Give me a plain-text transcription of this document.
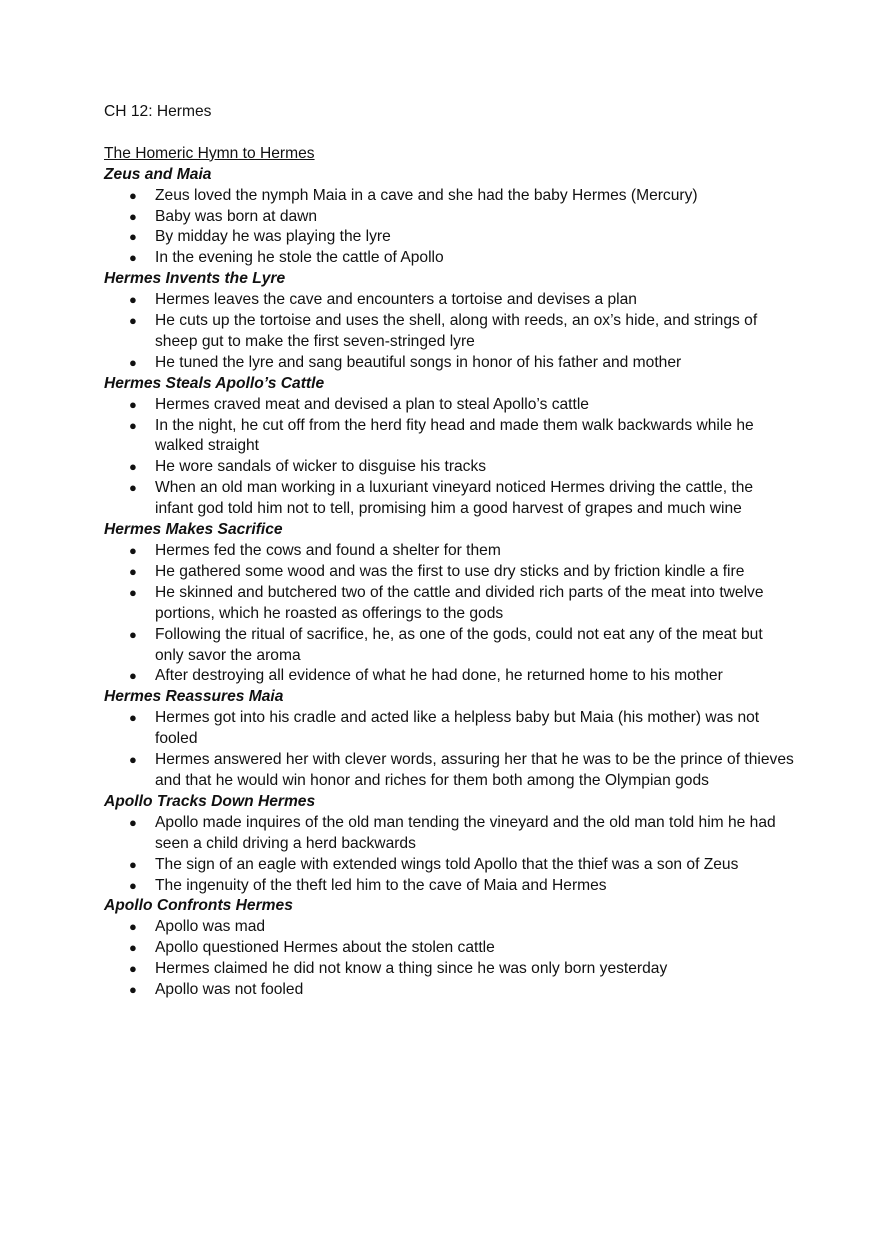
CH 12: Hermes
The Homeric Hymn to Hermes
Zeus and Maia
● Zeus loved the nymph Maia in a cave and she had the baby Hermes (Mercury)
● Baby was born at dawn
● By midday he was playing the lyre
● In the evening he stole the cattle of Apollo
Hermes Invents the Lyre
● Hermes leaves the cave and encounters a tortoise and devises a plan
● He cuts up the tortoise and uses the shell, along with reeds, an ox’s hide, and strings of sheep gut to make the first seven-stringed lyre
● He tuned the lyre and sang beautiful songs in honor of his father and mother
Hermes Steals Apollo’s Cattle
● Hermes craved meat and devised a plan to steal Apollo’s cattle
● In the night, he cut off from the herd fity head and made them walk backwards while he walked straight
● He wore sandals of wicker to disguise his tracks
● When an old man working in a luxuriant vineyard noticed Hermes driving the cattle, the infant god told him not to tell, promising him a good harvest of grapes and much wine
Hermes Makes Sacrifice
● Hermes fed the cows and found a shelter for them
● He gathered some wood and was the first to use dry sticks and by friction kindle a fire
● He skinned and butchered two of the cattle and divided rich parts of the meat into twelve portions, which he roasted as offerings to the gods
● Following the ritual of sacrifice, he, as one of the gods, could not eat any of the meat but only savor the aroma
● After destroying all evidence of what he had done, he returned home to his mother
Hermes Reassures Maia
● Hermes got into his cradle and acted like a helpless baby but Maia (his mother) was not fooled
● Hermes answered her with clever words, assuring her that he was to be the prince of thieves and that he would win honor and riches for them both among the Olympian gods
Apollo Tracks Down Hermes
● Apollo made inquires of the old man tending the vineyard and the old man told him he had seen a child driving a herd backwards
● The sign of an eagle with extended wings told Apollo that the thief was a son of Zeus
● The ingenuity of the theft led him to the cave of Maia and Hermes
Apollo Confronts Hermes
● Apollo was mad
● Apollo questioned Hermes about the stolen cattle
● Hermes claimed he did not know a thing since he was only born yesterday
● Apollo was not fooled
